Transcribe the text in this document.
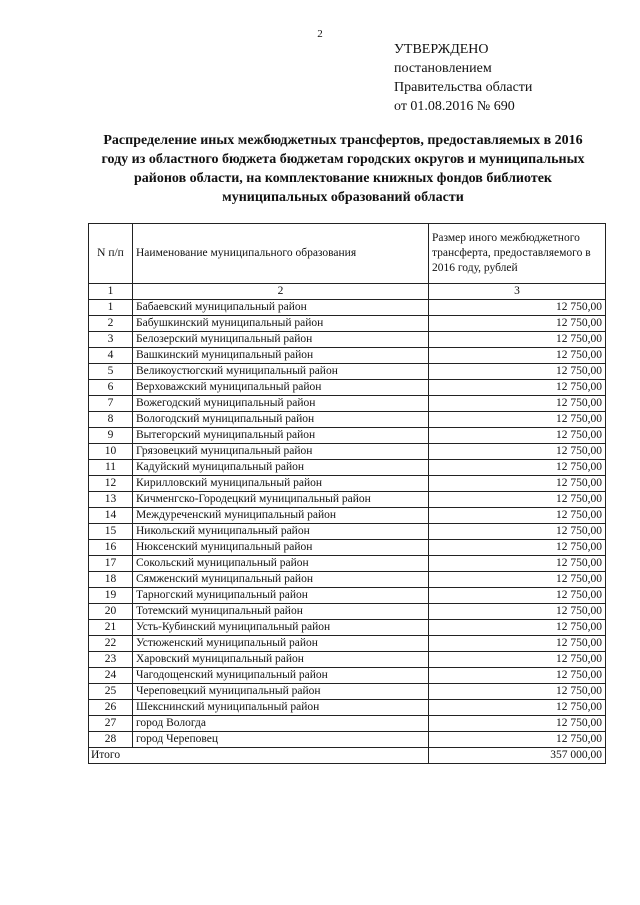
2
УТВЕРЖДЕНО
постановлением
Правительства области
от 01.08.2016 № 690
Распределение иных межбюджетных трансфертов, предоставляемых в 2016
году из областного бюджета бюджетам городских округов и муниципальных
районов области, на комплектование книжных фондов библиотек
муниципальных образований области
N п/п	Наименование муниципального образования	Размер иного межбюджетного трансферта, предоставляемого в 2016 году, рублей
1	2	3
1	Бабаевский муниципальный район	12 750,00
2	Бабушкинский муниципальный район	12 750,00
3	Белозерский муниципальный район	12 750,00
4	Вашкинский муниципальный район	12 750,00
5	Великоустюгский муниципальный район	12 750,00
6	Верховажский муниципальный район	12 750,00
7	Вожегодский муниципальный район	12 750,00
8	Вологодский муниципальный район	12 750,00
9	Вытегорский муниципальный район	12 750,00
10	Грязовецкий муниципальный район	12 750,00
11	Кадуйский муниципальный район	12 750,00
12	Кирилловский муниципальный район	12 750,00
13	Кичменгско-Городецкий муниципальный район	12 750,00
14	Междуреченский муниципальный район	12 750,00
15	Никольский муниципальный район	12 750,00
16	Нюксенский муниципальный район	12 750,00
17	Сокольский муниципальный район	12 750,00
18	Сямженский муниципальный район	12 750,00
19	Тарногский муниципальный район	12 750,00
20	Тотемский муниципальный район	12 750,00
21	Усть-Кубинский муниципальный район	12 750,00
22	Устюженский муниципальный район	12 750,00
23	Харовский муниципальный район	12 750,00
24	Чагодощенский муниципальный район	12 750,00
25	Череповецкий муниципальный район	12 750,00
26	Шекснинский муниципальный район	12 750,00
27	город Вологда	12 750,00
28	город Череповец	12 750,00
Итого		357 000,00
